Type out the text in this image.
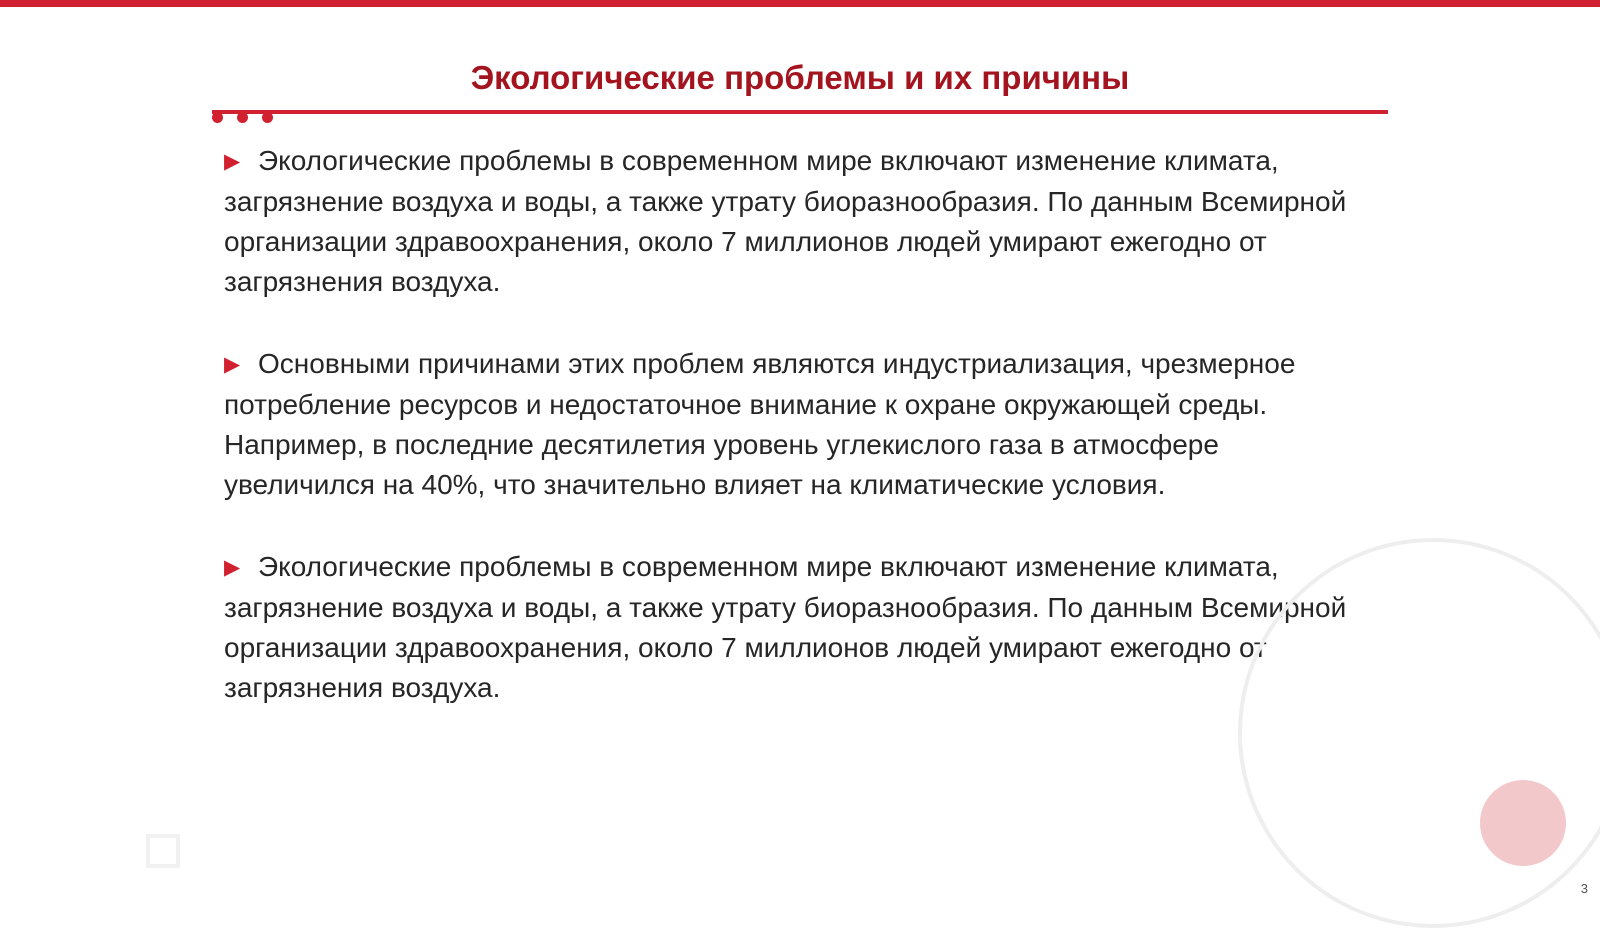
Экологические проблемы и их причины

▶ Экологические проблемы в современном мире включают изменение климата, загрязнение воздуха и воды, а также утрату биоразнообразия. По данным Всемирной организации здравоохранения, около 7 миллионов людей умирают ежегодно от загрязнения воздуха.

▶ Основными причинами этих проблем являются индустриализация, чрезмерное потребление ресурсов и недостаточное внимание к охране окружающей среды. Например, в последние десятилетия уровень углекислого газа в атмосфере увеличился на 40%, что значительно влияет на климатические условия.

▶ Экологические проблемы в современном мире включают изменение климата, загрязнение воздуха и воды, а также утрату биоразнообразия. По данным Всемирной организации здравоохранения, около 7 миллионов людей умирают ежегодно от загрязнения воздуха.

3
